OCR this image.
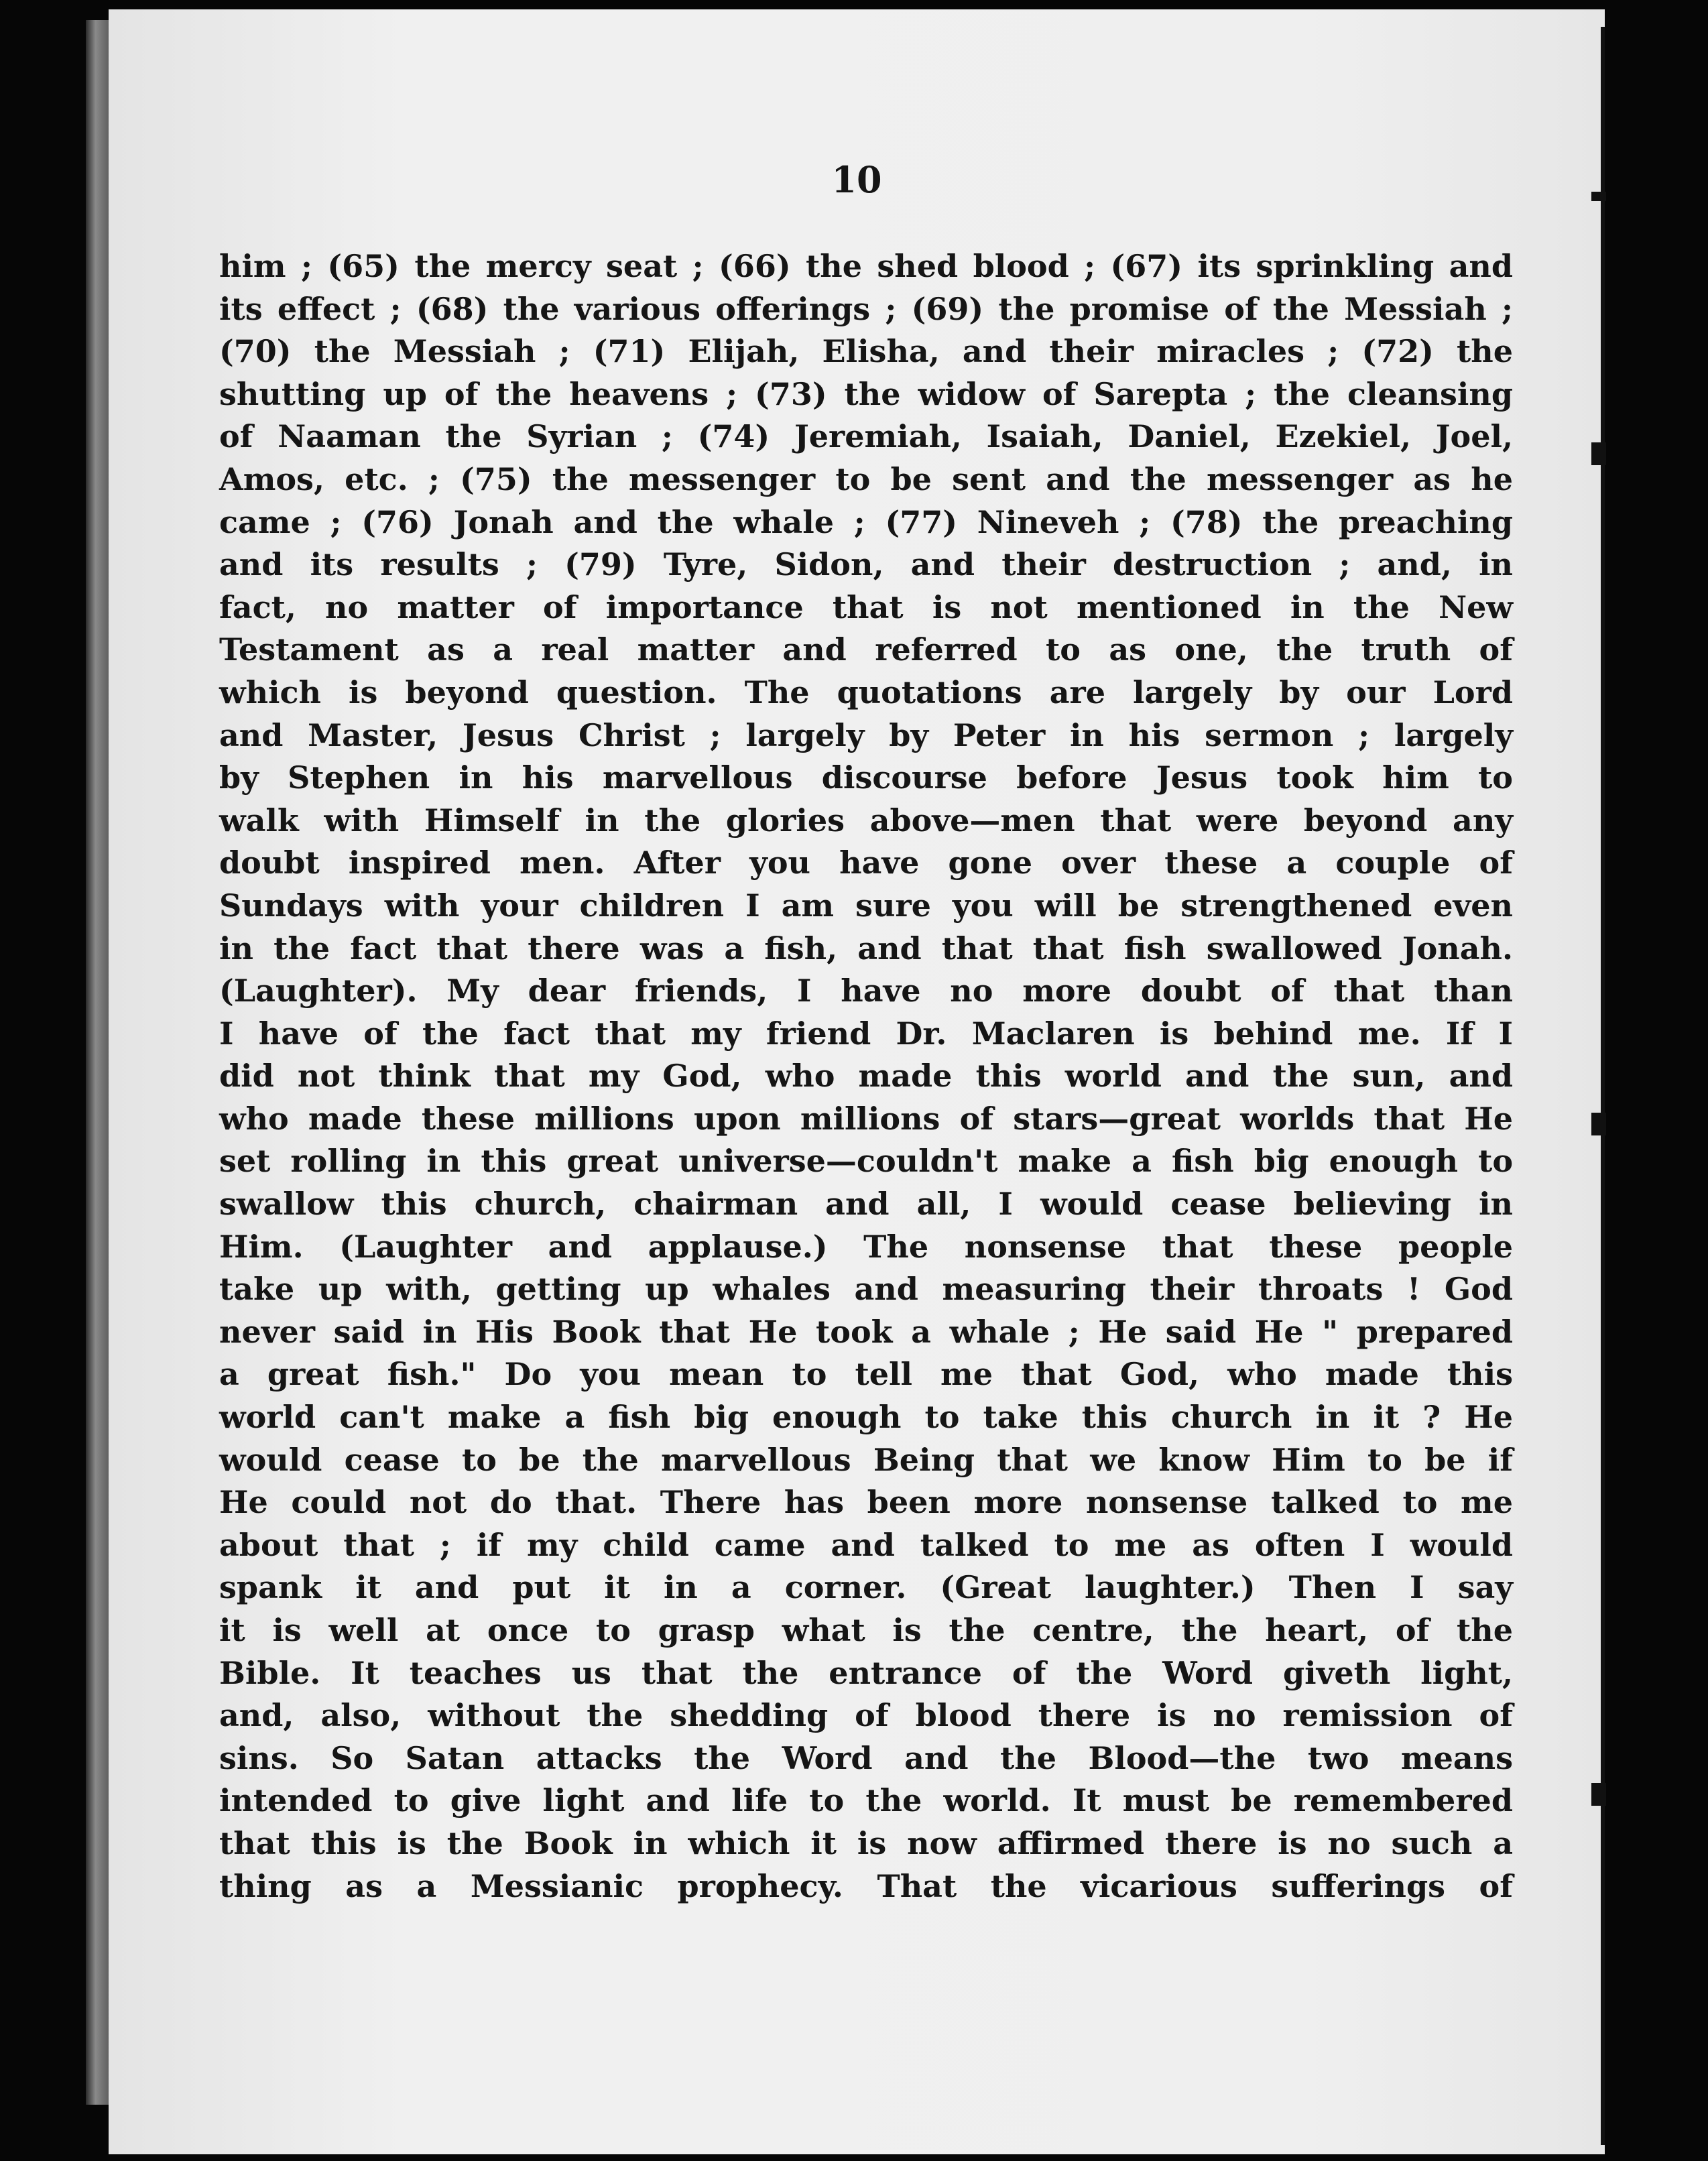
10
him ; (65) the mercy seat ; (66) the shed blood ; (67) its sprinkling and
its effect ; (68) the various offerings ; (69) the promise of the Messiah ;
(70) the Messiah ; (71) Elijah, Elisha, and their miracles ; (72) the
shutting up of the heavens ; (73) the widow of Sarepta ; the cleansing
of Naaman the Syrian ; (74) Jeremiah, Isaiah, Daniel, Ezekiel, Joel,
Amos, etc. ; (75) the messenger to be sent and the messenger as he
came ; (76) Jonah and the whale ; (77) Nineveh ; (78) the preaching
and its results ; (79) Tyre, Sidon, and their destruction ; and, in
fact, no matter of importance that is not mentioned in the New
Testament as a real matter and referred to as one, the truth of
which is beyond question. The quotations are largely by our Lord
and Master, Jesus Christ ; largely by Peter in his sermon ; largely
by Stephen in his marvellous discourse before Jesus took him to
walk with Himself in the glories above—men that were beyond any
doubt inspired men. After you have gone over these a couple of
Sundays with your children I am sure you will be strengthened even
in the fact that there was a fish, and that that fish swallowed Jonah.
(Laughter). My dear friends, I have no more doubt of that than
I have of the fact that my friend Dr. Maclaren is behind me. If I
did not think that my God, who made this world and the sun, and
who made these millions upon millions of stars—great worlds that He
set rolling in this great universe—couldn't make a fish big enough to
swallow this church, chairman and all, I would cease believing in
Him. (Laughter and applause.) The nonsense that these people
take up with, getting up whales and measuring their throats ! God
never said in His Book that He took a whale ; He said He " prepared
a great fish." Do you mean to tell me that God, who made this
world can't make a fish big enough to take this church in it ? He
would cease to be the marvellous Being that we know Him to be if
He could not do that. There has been more nonsense talked to me
about that ; if my child came and talked to me as often I would
spank it and put it in a corner. (Great laughter.) Then I say
it is well at once to grasp what is the centre, the heart, of the
Bible. It teaches us that the entrance of the Word giveth light,
and, also, without the shedding of blood there is no remission of
sins. So Satan attacks the Word and the Blood—the two means
intended to give light and life to the world. It must be remembered
that this is the Book in which it is now affirmed there is no such a
thing as a Messianic prophecy. That the vicarious sufferings of
